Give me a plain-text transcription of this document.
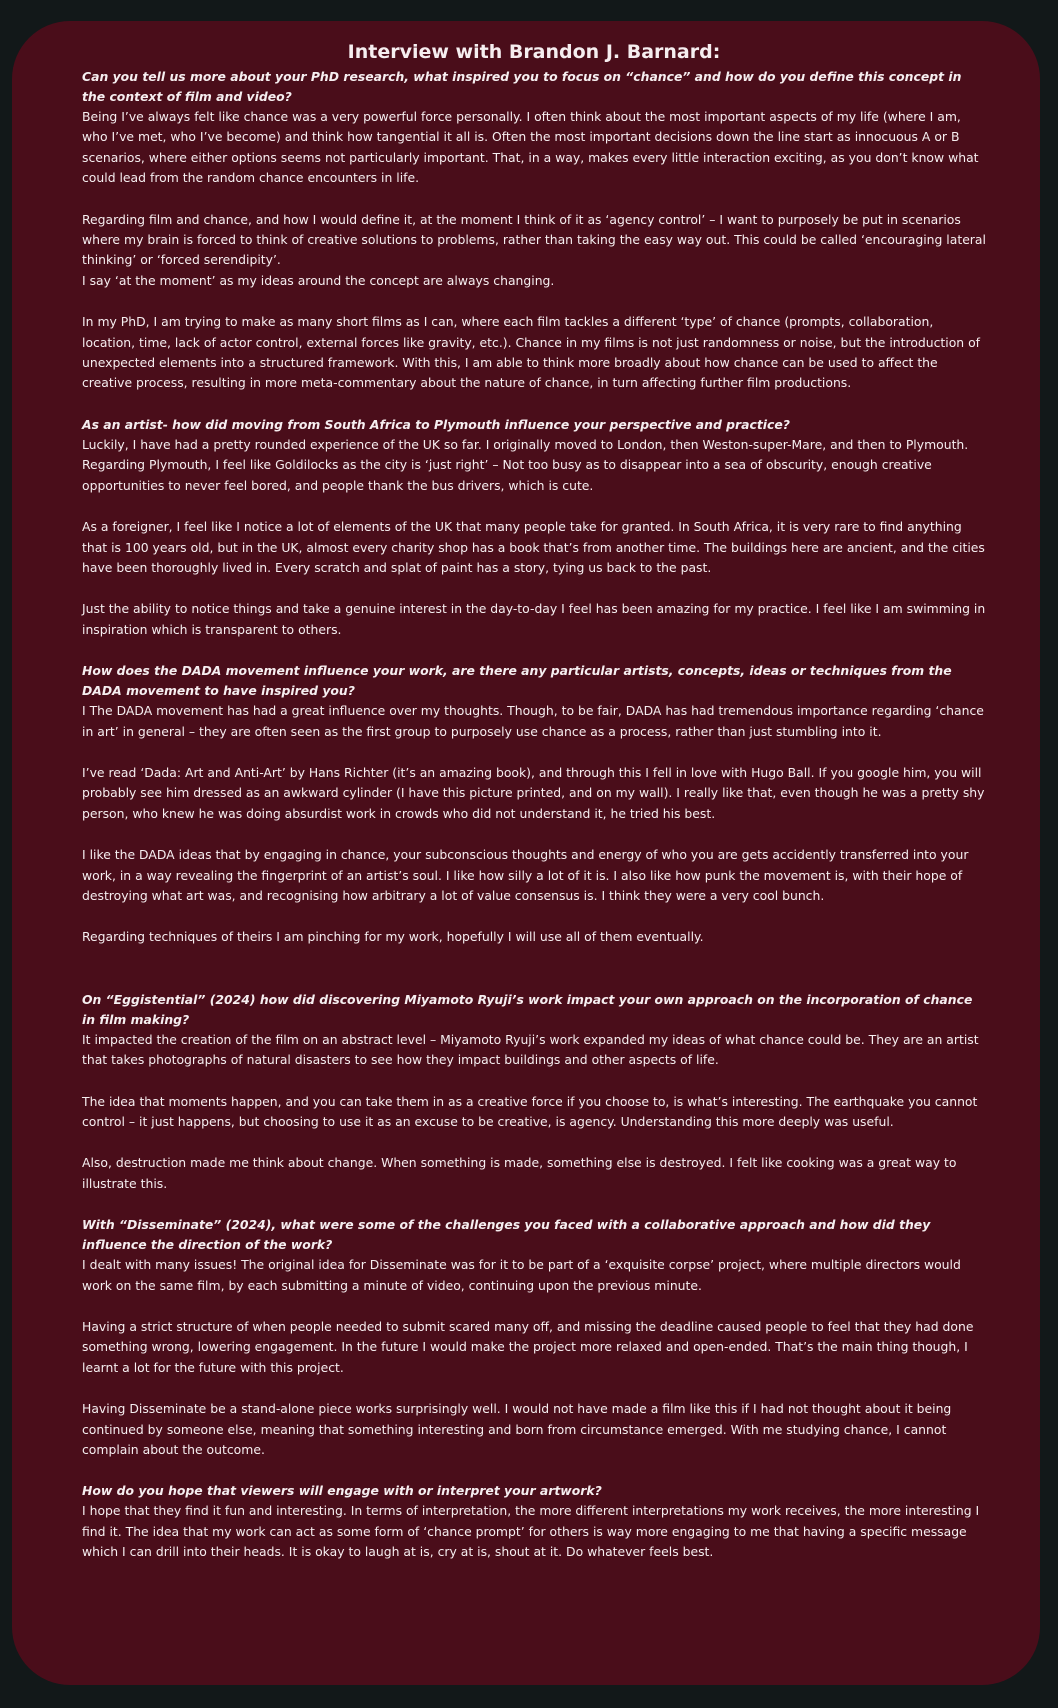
Interview with Brandon J. Barnard:

Can you tell us more about your PhD research, what inspired you to focus on “chance” and how do you define this concept in the context of film and video?

Being I’ve always felt like chance was a very powerful force personally. I often think about the most important aspects of my life (where I am, who I’ve met, who I’ve become) and think how tangential it all is. Often the most important decisions down the line start as innocuous A or B scenarios, where either options seems not particularly important. That, in a way, makes every little interaction exciting, as you don’t know what could lead from the random chance encounters in life.

Regarding film and chance, and how I would define it, at the moment I think of it as ‘agency control’ – I want to purposely be put in scenarios where my brain is forced to think of creative solutions to problems, rather than taking the easy way out. This could be called ‘encouraging lateral thinking’ or ‘forced serendipity’.

I say ‘at the moment’ as my ideas around the concept are always changing.

In my PhD, I am trying to make as many short films as I can, where each film tackles a different ‘type’ of chance (prompts, collaboration, location, time, lack of actor control, external forces like gravity, etc.). Chance in my films is not just randomness or noise, but the introduction of unexpected elements into a structured framework. With this, I am able to think more broadly about how chance can be used to affect the creative process, resulting in more meta-commentary about the nature of chance, in turn affecting further film productions.

As an artist- how did moving from South Africa to Plymouth influence your perspective and practice?

Luckily, I have had a pretty rounded experience of the UK so far. I originally moved to London, then Weston-super-Mare, and then to Plymouth. Regarding Plymouth, I feel like Goldilocks as the city is ‘just right’ – Not too busy as to disappear into a sea of obscurity, enough creative opportunities to never feel bored, and people thank the bus drivers, which is cute.

As a foreigner, I feel like I notice a lot of elements of the UK that many people take for granted. In South Africa, it is very rare to find anything that is 100 years old, but in the UK, almost every charity shop has a book that’s from another time. The buildings here are ancient, and the cities have been thoroughly lived in. Every scratch and splat of paint has a story, tying us back to the past.

Just the ability to notice things and take a genuine interest in the day-to-day I feel has been amazing for my practice. I feel like I am swimming in inspiration which is transparent to others.

How does the DADA movement influence your work, are there any particular artists, concepts, ideas or techniques from the DADA movement to have inspired you?

I The DADA movement has had a great influence over my thoughts. Though, to be fair, DADA has had tremendous importance regarding ‘chance in art’ in general – they are often seen as the first group to purposely use chance as a process, rather than just stumbling into it.

I’ve read ‘Dada: Art and Anti-Art’ by Hans Richter (it’s an amazing book), and through this I fell in love with Hugo Ball. If you google him, you will probably see him dressed as an awkward cylinder (I have this picture printed, and on my wall). I really like that, even though he was a pretty shy person, who knew he was doing absurdist work in crowds who did not understand it, he tried his best.

I like the DADA ideas that by engaging in chance, your subconscious thoughts and energy of who you are gets accidently transferred into your work, in a way revealing the fingerprint of an artist’s soul. I like how silly a lot of it is. I also like how punk the movement is, with their hope of destroying what art was, and recognising how arbitrary a lot of value consensus is. I think they were a very cool bunch.

Regarding techniques of theirs I am pinching for my work, hopefully I will use all of them eventually.

On “Eggistential” (2024) how did discovering Miyamoto Ryuji’s work impact your own approach on the incorporation of chance in film making?

It impacted the creation of the film on an abstract level – Miyamoto Ryuji’s work expanded my ideas of what chance could be. They are an artist that takes photographs of natural disasters to see how they impact buildings and other aspects of life.

The idea that moments happen, and you can take them in as a creative force if you choose to, is what’s interesting. The earthquake you cannot control – it just happens, but choosing to use it as an excuse to be creative, is agency. Understanding this more deeply was useful.

Also, destruction made me think about change. When something is made, something else is destroyed. I felt like cooking was a great way to illustrate this.

With “Disseminate” (2024), what were some of the challenges you faced with a collaborative approach and how did they influence the direction of the work?

I dealt with many issues! The original idea for Disseminate was for it to be part of a ‘exquisite corpse’ project, where multiple directors would work on the same film, by each submitting a minute of video, continuing upon the previous minute.

Having a strict structure of when people needed to submit scared many off, and missing the deadline caused people to feel that they had done something wrong, lowering engagement. In the future I would make the project more relaxed and open-ended. That’s the main thing though, I learnt a lot for the future with this project.

Having Disseminate be a stand-alone piece works surprisingly well. I would not have made a film like this if I had not thought about it being continued by someone else, meaning that something interesting and born from circumstance emerged. With me studying chance, I cannot complain about the outcome.

How do you hope that viewers will engage with or interpret your artwork?

I hope that they find it fun and interesting. In terms of interpretation, the more different interpretations my work receives, the more interesting I find it. The idea that my work can act as some form of ‘chance prompt’ for others is way more engaging to me that having a specific message which I can drill into their heads. It is okay to laugh at is, cry at is, shout at it. Do whatever feels best.
